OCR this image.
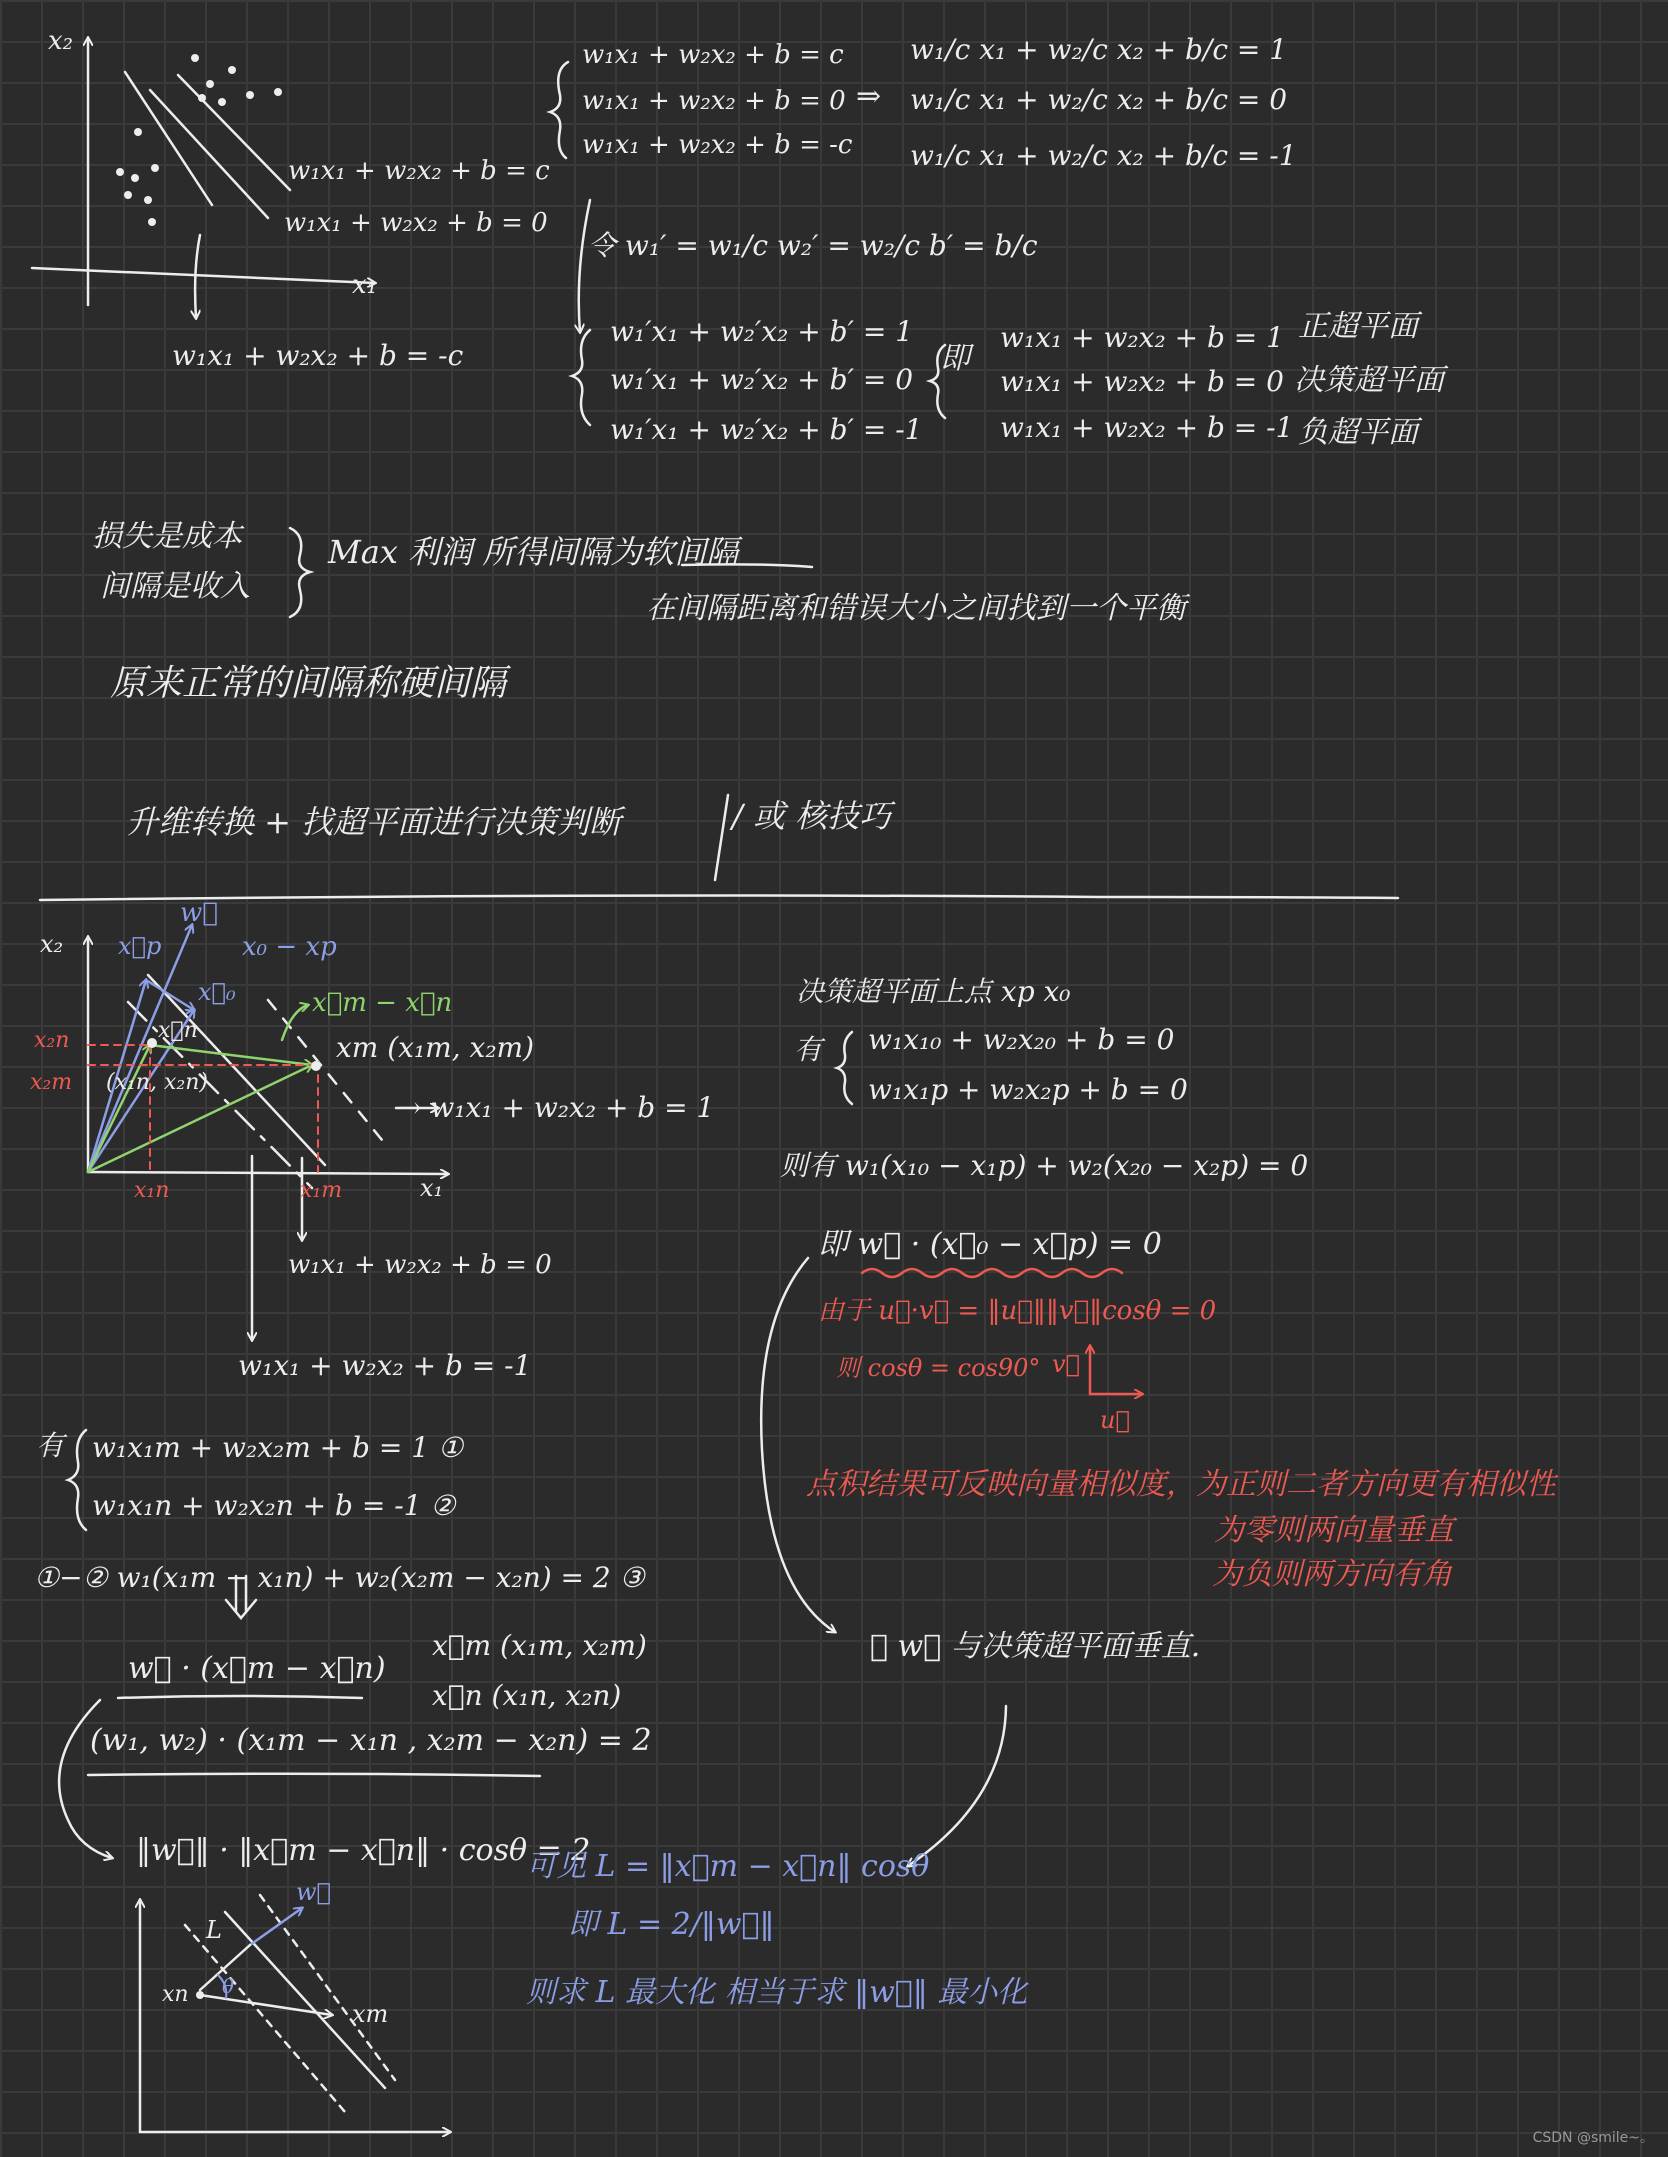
x₂
x₁
w₁x₁ + w₂x₂ + b = c
w₁x₁ + w₂x₂ + b = 0
w₁x₁ + w₂x₂ + b = -c
w₁x₁ + w₂x₂ + b = c
w₁x₁ + w₂x₂ + b = 0
w₁x₁ + w₂x₂ + b = -c
⇒
w₁/c x₁ + w₂/c x₂ + b/c = 1
w₁/c x₁ + w₂/c x₂ + b/c = 0
w₁/c x₁ + w₂/c x₂ + b/c = -1
令 w₁′ = w₁/c w₂′ = w₂/c b′ = b/c
w₁′x₁ + w₂′x₂ + b′ = 1
w₁′x₁ + w₂′x₂ + b′ = 0
w₁′x₁ + w₂′x₂ + b′ = -1
即
w₁x₁ + w₂x₂ + b = 1
w₁x₁ + w₂x₂ + b = 0
w₁x₁ + w₂x₂ + b = -1
正超平面
决策超平面
负超平面
损失是成本
间隔是收入
Max 利润 所得间隔为软间隔
在间隔距离和错误大小之间找到一个平衡
原来正常的间隔称硬间隔
升维转换 + 找超平面进行决策判断	/ 或 核技巧
x₂
x₁
w⃗
x⃗p	x₀ − xp
x⃗₀	x⃗m − x⃗n
x⃗n
(x₁n, x₂n)
xm (x₁m, x₂m)
x₂n
x₂m
x₁n	x₁m
→ w₁x₁ + w₂x₂ + b = 1
w₁x₁ + w₂x₂ + b = 0
w₁x₁ + w₂x₂ + b = -1
有 w₁x₁m + w₂x₂m + b = 1 ①
w₁x₁n + w₂x₂n + b = -1 ②
①−② w₁(x₁m − x₁n) + w₂(x₂m − x₂n) = 2 ③
w⃗ · (x⃗m − x⃗n)
x⃗m (x₁m, x₂m)
x⃗n (x₁n, x₂n)
(w₁, w₂) · (x₁m − x₁n , x₂m − x₂n) = 2
‖w⃗‖ · ‖x⃗m − x⃗n‖ · cosθ = 2
决策超平面上点 xp x₀
有 w₁x₁₀ + w₂x₂₀ + b = 0
w₁x₁p + w₂x₂p + b = 0
则有 w₁(x₁₀ − x₁p) + w₂(x₂₀ − x₂p) = 0
即 w⃗ · (x⃗₀ − x⃗p) = 0
由于 u⃗·v⃗ = ‖u⃗‖‖v⃗‖cosθ = 0
则 cosθ = cos90° v⃗
u⃗
点积结果可反映向量相似度，为正则二者方向更有相似性
为零则两向量垂直
为负则两方向有角
∴ w⃗ 与决策超平面垂直.
可见 L = ‖x⃗m − x⃗n‖ cosθ
即 L = 2/‖w⃗‖
则求 L 最大化 相当于求 ‖w⃗‖ 最小化
w⃗
L
θ
xn
xm
CSDN @smile~。
